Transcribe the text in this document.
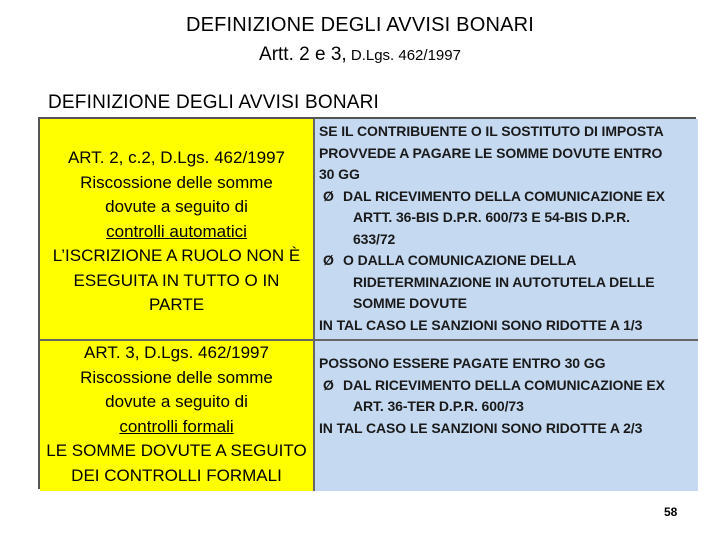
DEFINIZIONE DEGLI AVVISI BONARI
Artt. 2 e 3, D.Lgs. 462/1997
DEFINIZIONE DEGLI AVVISI BONARI
ART. 2, c.2, D.Lgs. 462/1997
Riscossione delle somme
dovute a seguito di
controlli automatici
L’ISCRIZIONE A RUOLO NON È
ESEGUITA IN TUTTO O IN
PARTE
SE IL CONTRIBUENTE O IL SOSTITUTO DI IMPOSTA
PROVVEDE A PAGARE LE SOMME DOVUTE ENTRO
30 GG
Ø DAL RICEVIMENTO DELLA COMUNICAZIONE EX
ARTT. 36-BIS D.P.R. 600/73 E 54-BIS D.P.R.
633/72
Ø O DALLA COMUNICAZIONE DELLA
RIDETERMINAZIONE IN AUTOTUTELA DELLE
SOMME DOVUTE
IN TAL CASO LE SANZIONI SONO RIDOTTE A 1/3
ART. 3, D.Lgs. 462/1997
Riscossione delle somme
dovute a seguito di
controlli formali
LE SOMME DOVUTE A SEGUITO
DEI CONTROLLI FORMALI
POSSONO ESSERE PAGATE ENTRO 30 GG
Ø DAL RICEVIMENTO DELLA COMUNICAZIONE EX
ART. 36-TER D.P.R. 600/73
IN TAL CASO LE SANZIONI SONO RIDOTTE A 2/3
58
